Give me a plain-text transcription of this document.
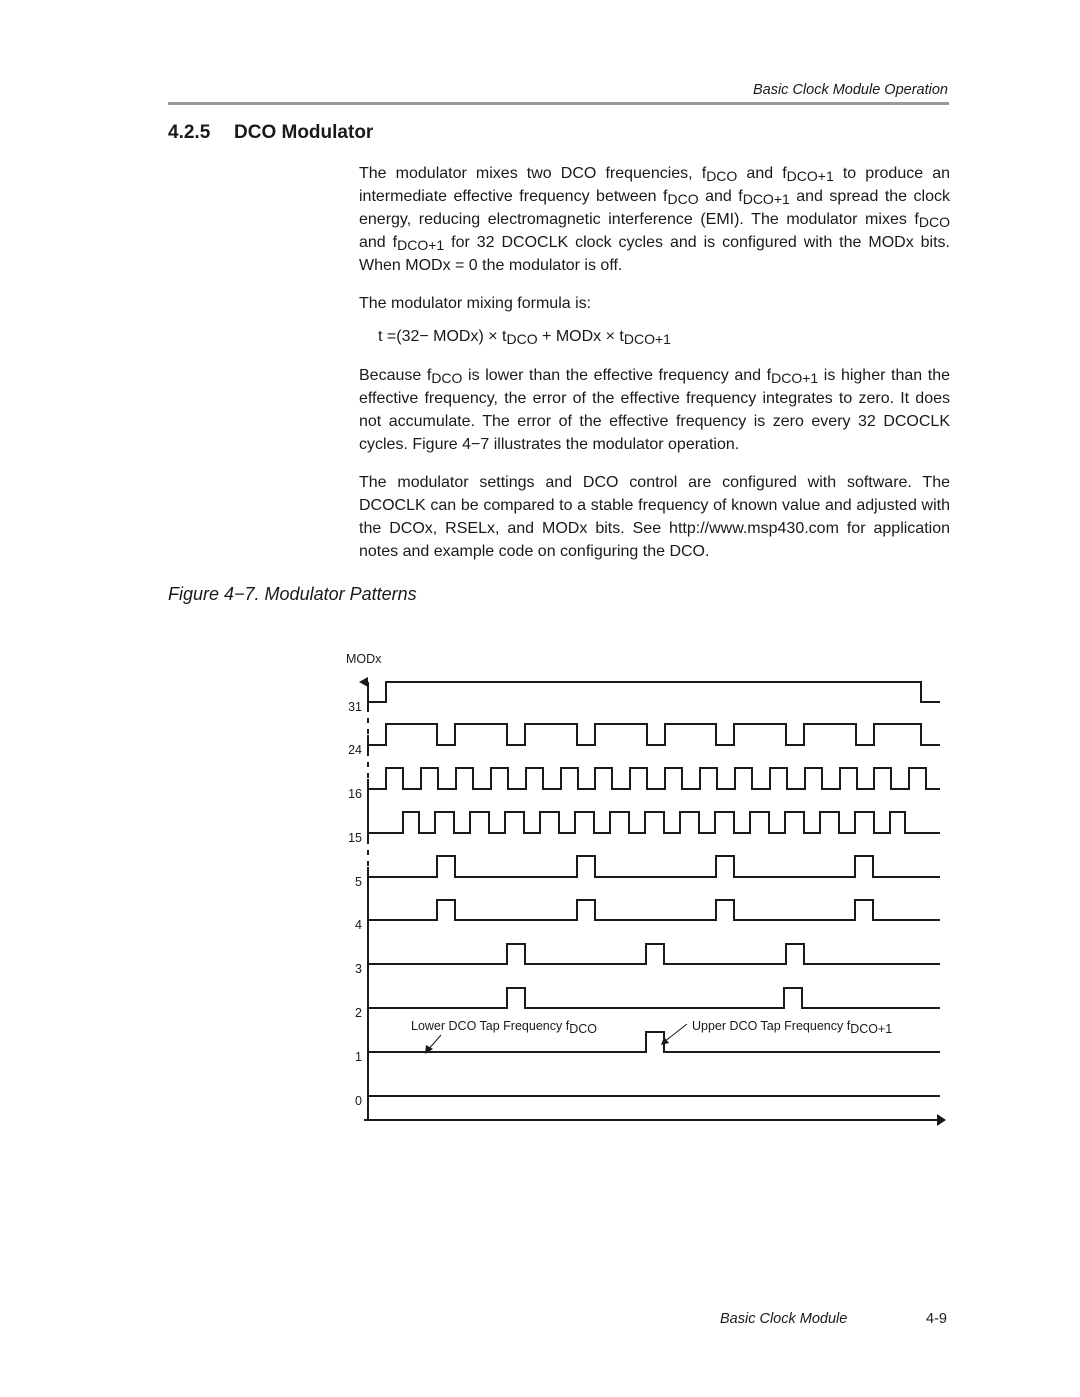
Basic Clock Module Operation
4.2.5 DCO Modulator

The modulator mixes two DCO frequencies, $f_{DCO}$ and $f_{DCO+1}$ to produce an intermediate effective frequency between $f_{DCO}$ and $f_{DCO+1}$ and spread the clock energy, reducing electromagnetic interference (EMI). The modulator mixes $f_{DCO}$ and $f_{DCO+1}$ for 32 DCOCLK clock cycles and is configured with the MODx bits. When MODx = 0 the modulator is off.

The modulator mixing formula is:

t =(32− MODx) × $t_{DCO}$ + MODx × $t_{DCO+1}$

Because $f_{DCO}$ is lower than the effective frequency and $f_{DCO+1}$ is higher than the effective frequency, the error of the effective frequency integrates to zero. It does not accumulate. The error of the effective frequency is zero every 32 DCOCLK cycles. Figure 4−7 illustrates the modulator operation.

The modulator settings and DCO control are configured with software. The DCOCLK can be compared to a stable frequency of known value and adjusted with the DCOx, RSELx, and MODx bits. See http://www.msp430.com for application notes and example code on configuring the DCO.

Figure 4−7. Modulator Patterns
MODx
31
24
16
15
5
4
3
2
1
0
Lower DCO Tap Frequency fDCO	Upper DCO Tap Frequency fDCO+1
Basic Clock Module	4-9
